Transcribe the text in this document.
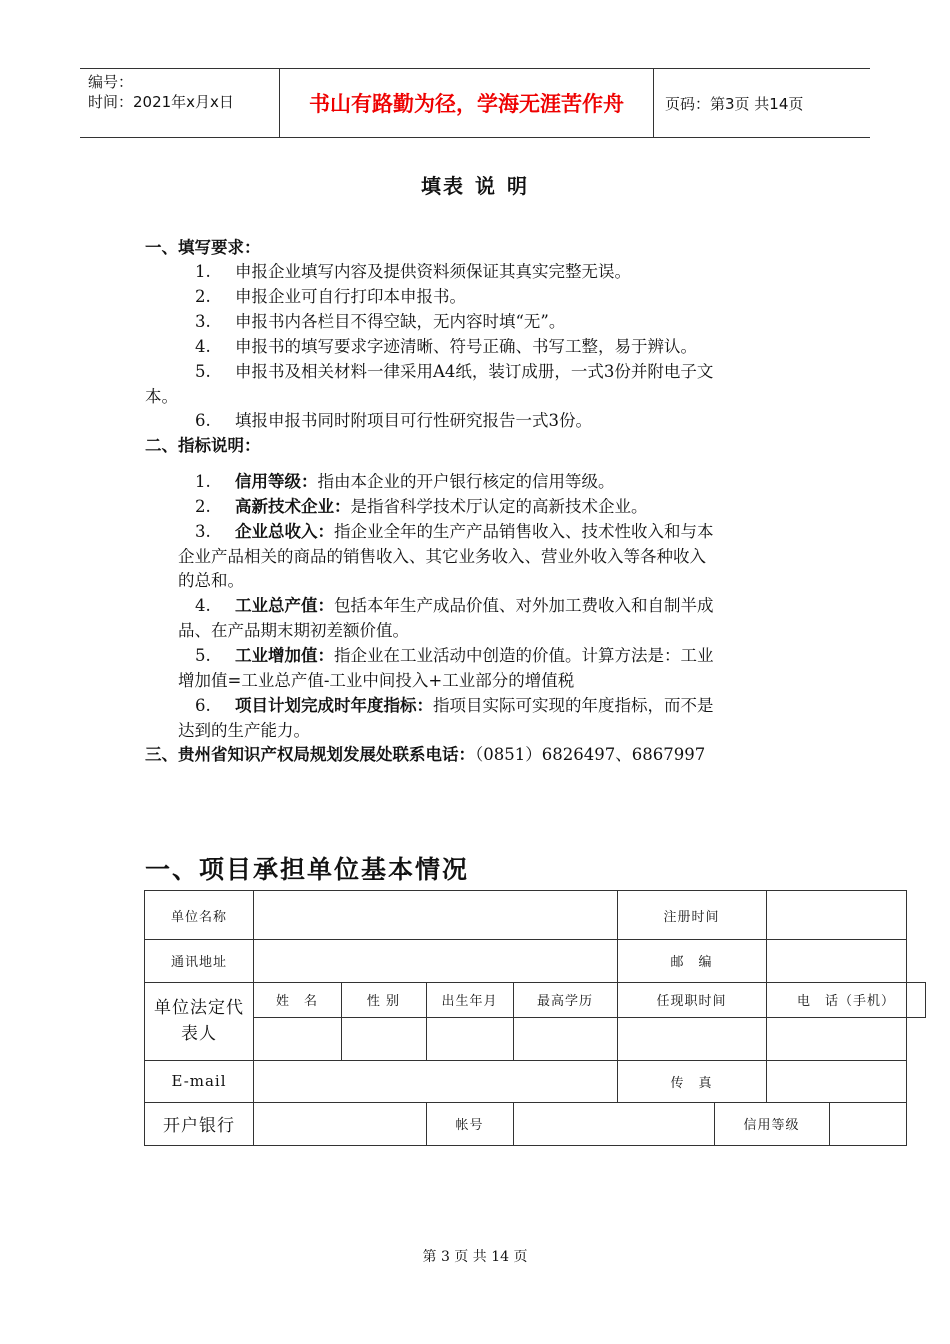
编号：
时间：2021年x月x日	书山有路勤为径，学海无涯苦作舟	页码：第3页 共14页
填表 说 明
一、填写要求：
1. 申报企业填写内容及提供资料须保证其真实完整无误。
2. 申报企业可自行打印本申报书。
3. 申报书内各栏目不得空缺，无内容时填“无”。
4. 申报书的填写要求字迹清晰、符号正确、书写工整，易于辨认。
5. 申报书及相关材料一律采用A4纸，装订成册，一式3份并附电子文
本。
6. 填报申报书同时附项目可行性研究报告一式3份。
二、指标说明：
1. 信用等级：指由本企业的开户银行核定的信用等级。
2. 高新技术企业：是指省科学技术厅认定的高新技术企业。
3. 企业总收入：指企业全年的生产产品销售收入、技术性收入和与本
企业产品相关的商品的销售收入、其它业务收入、营业外收入等各种收入
的总和。
4. 工业总产值：包括本年生产成品价值、对外加工费收入和自制半成
品、在产品期末期初差额价值。
5. 工业增加值：指企业在工业活动中创造的价值。计算方法是：工业
增加值=工业总产值-工业中间投入+工业部分的增值税
6. 项目计划完成时年度指标：指项目实际可实现的年度指标，而不是
达到的生产能力。
三、贵州省知识产权局规划发展处联系电话：（0851）6826497、6867997
一、项目承担单位基本情况
单位名称	注册时间
通讯地址	邮　编
单位法定代表人
姓　名	性 别	出生年月	最高学历	任现职时间	电　话（手机）
E-mail	传　真
开户银行	帐号	信用等级
第 3 页 共 14 页
